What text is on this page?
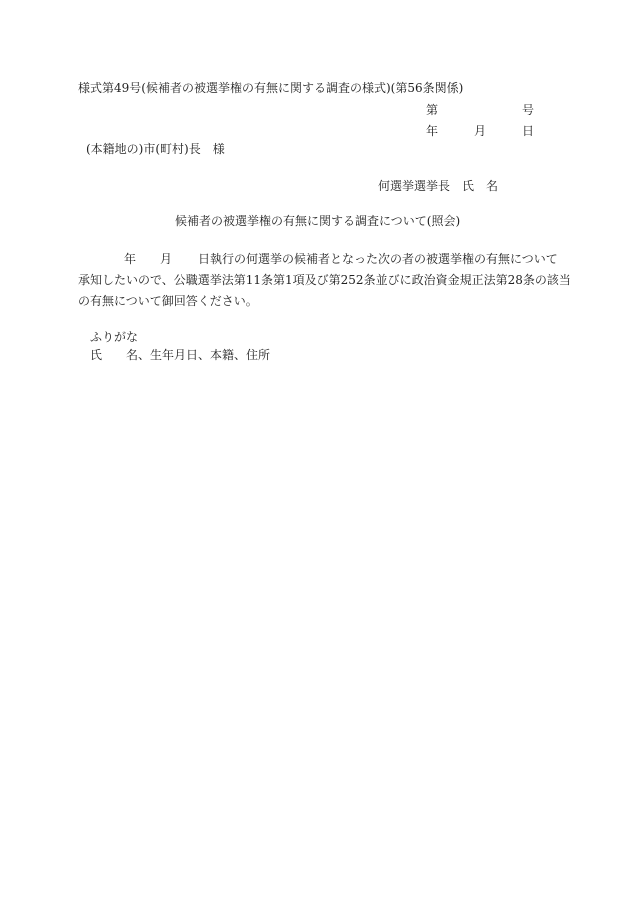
様式第49号(候補者の被選挙権の有無に関する調査の様式)(第56条関係)
第	号
年	月	日
(本籍地の)市(町村)長　様
何選挙選挙長　氏　名
候補者の被選挙権の有無に関する調査について(照会)
年 月 日執行の何選挙の候補者となった次の者の被選挙権の有無について
承知したいので、公職選挙法第11条第1項及び第252条並びに政治資金規正法第28条の該当
の有無について御回答ください。
ふりがな
氏 名、生年月日、本籍、住所
